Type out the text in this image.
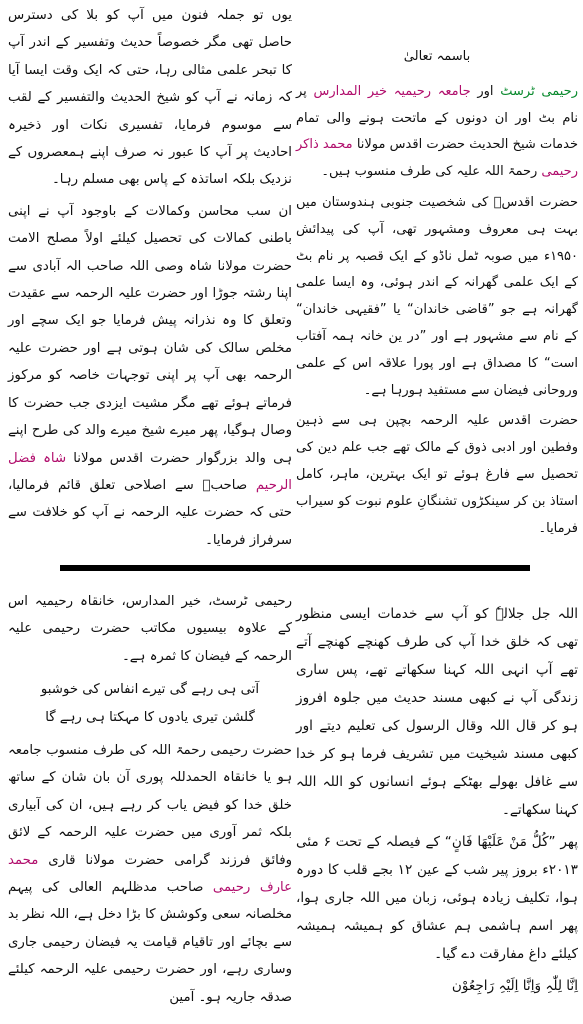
باسمہ تعالیٰ

رحیمی ٹرسٹ اور جامعہ رحیمیہ خیر المدارس پر نام بٹ اور ان دونوں کے ماتحت ہونے والی تمام خدمات شیخ الحدیث حضرت اقدس مولانا محمد ذاکر رحیمی رحمۃ اللہ علیہ کی طرف منسوب ہیں۔

حضرت اقدسؒ کی شخصیت جنوبی ہندوستان میں بہت ہی معروف ومشہور تھی، آپ کی پیدائش ۱۹۵۰ء میں صوبہ ٹمل ناڈو کے ایک قصبہ پر نام بٹ کے ایک علمی گھرانہ کے اندر ہوئی، وہ ایسا علمی گھرانہ ہے جو ”قاضی خاندان“ یا ”فقیہی خاندان“ کے نام سے مشہور ہے اور ”در ین خانہ ہمہ آفتاب است“ کا مصداق ہے اور پورا علاقہ اس کے علمی وروحانی فیضان سے مستفید ہورہا ہے۔

حضرت اقدس علیہ الرحمہ بچپن ہی سے ذہین وفطین اور ادبی ذوق کے مالک تھے جب علم دین کی تحصیل سے فارغ ہوئے تو ایک بہترین، ماہر، کامل استاذ بن کر سینکڑوں تشنگانِ علوم نبوت کو سیراب فرمایا۔

یوں تو جملہ فنون میں آپ کو بلا کی دسترس حاصل تھی مگر خصوصاً حدیث وتفسیر کے اندر آپ کا تبحر علمی مثالی رہا، حتی کہ ایک وقت ایسا آیا کہ زمانہ نے آپ کو شیخ الحدیث والتفسیر کے لقب سے موسوم فرمایا، تفسیری نکات اور ذخیرہ احادیث پر آپ کا عبور نہ صرف اپنے ہمعصروں کے نزدیک بلکہ اساتذہ کے پاس بھی مسلم رہا۔

ان سب محاسن وکمالات کے باوجود آپ نے اپنی باطنی کمالات کی تحصیل کیلئے اولاً مصلح الامت حضرت مولانا شاہ وصی اللہ صاحب الہ آبادی سے اپنا رشتہ جوڑا اور حضرت علیہ الرحمہ سے عقیدت وتعلق کا وہ نذرانہ پیش فرمایا جو ایک سچے اور مخلص سالک کی شان ہوتی ہے اور حضرت علیہ الرحمہ بھی آپ پر اپنی توجہات خاصہ کو مرکوز فرماتے ہوئے تھے مگر مشیت ایزدی جب حضرت کا وصال ہوگیا، پھر میرے شیخ میرے والد کی طرح اپنے ہی والد بزرگوار حضرت اقدس مولانا شاہ فضل الرحیم صاحبؒ سے اصلاحی تعلق قائم فرمالیا، حتی کہ حضرت علیہ الرحمہ نے آپ کو خلافت سے سرفراز فرمایا۔

اللہ جل جلالہٗ کو آپ سے خدمات ایسی منظور تھی کہ خلق خدا آپ کی طرف کھنچے کھنچے آتے تھے آپ انہی اللہ کہنا سکھاتے تھے، پس ساری زندگی آپ نے کبھی مسند حدیث میں جلوہ افروز ہو کر قال اللہ وقال الرسول کی تعلیم دیتے اور کبھی مسند شیخیت میں تشریف فرما ہو کر خدا سے غافل بھولے بھٹکے ہوئے انسانوں کو اللہ اللہ کہنا سکھاتے۔

پھر ”کُلُّ مَنْ عَلَیْھَا فَانٍ“ کے فیصلہ کے تحت ۶ مئی ۲۰۱۳ء بروز پیر شب کے عین ۱۲ بجے قلب کا دورہ ہوا، تکلیف زیادہ ہوئی، زبان میں اللہ جاری ہوا، پھر اسم ہاشمی ہم عشاق کو ہمیشہ ہمیشہ کیلئے داغ مفارقت دے گیا۔

اِنَّا لِلّٰہِ وَاِنَّا اِلَیْہِ رَاجِعُوْن

رحیمی ٹرسٹ، خیر المدارس، خانقاہ رحیمیہ اس کے علاوہ بیسیوں مکاتب حضرت رحیمی علیہ الرحمہ کے فیضان کا ثمرہ ہے۔

آتی ہی رہے گی تیرے انفاس کی خوشبو
گلشن تیری یادوں کا مہکتا ہی رہے گا

حضرت رحیمی رحمۃ اللہ کی طرف منسوب جامعہ ہو یا خانقاہ الحمدللہ پوری آن بان شان کے ساتھ خلق خدا کو فیض یاب کر رہے ہیں، ان کی آبیاری بلکہ ثمر آوری میں حضرت علیہ الرحمہ کے لائق وفائق فرزند گرامی حضرت مولانا قاری محمد عارف رحیمی صاحب مدظلہم العالی کی پیہم مخلصانہ سعی وکوشش کا بڑا دخل ہے، اللہ نظر بد سے بچائے اور تاقیام قیامت یہ فیضان رحیمی جاری وساری رہے، اور حضرت رحیمی علیہ الرحمہ کیلئے صدقہ جاریہ ہو۔ آمین
